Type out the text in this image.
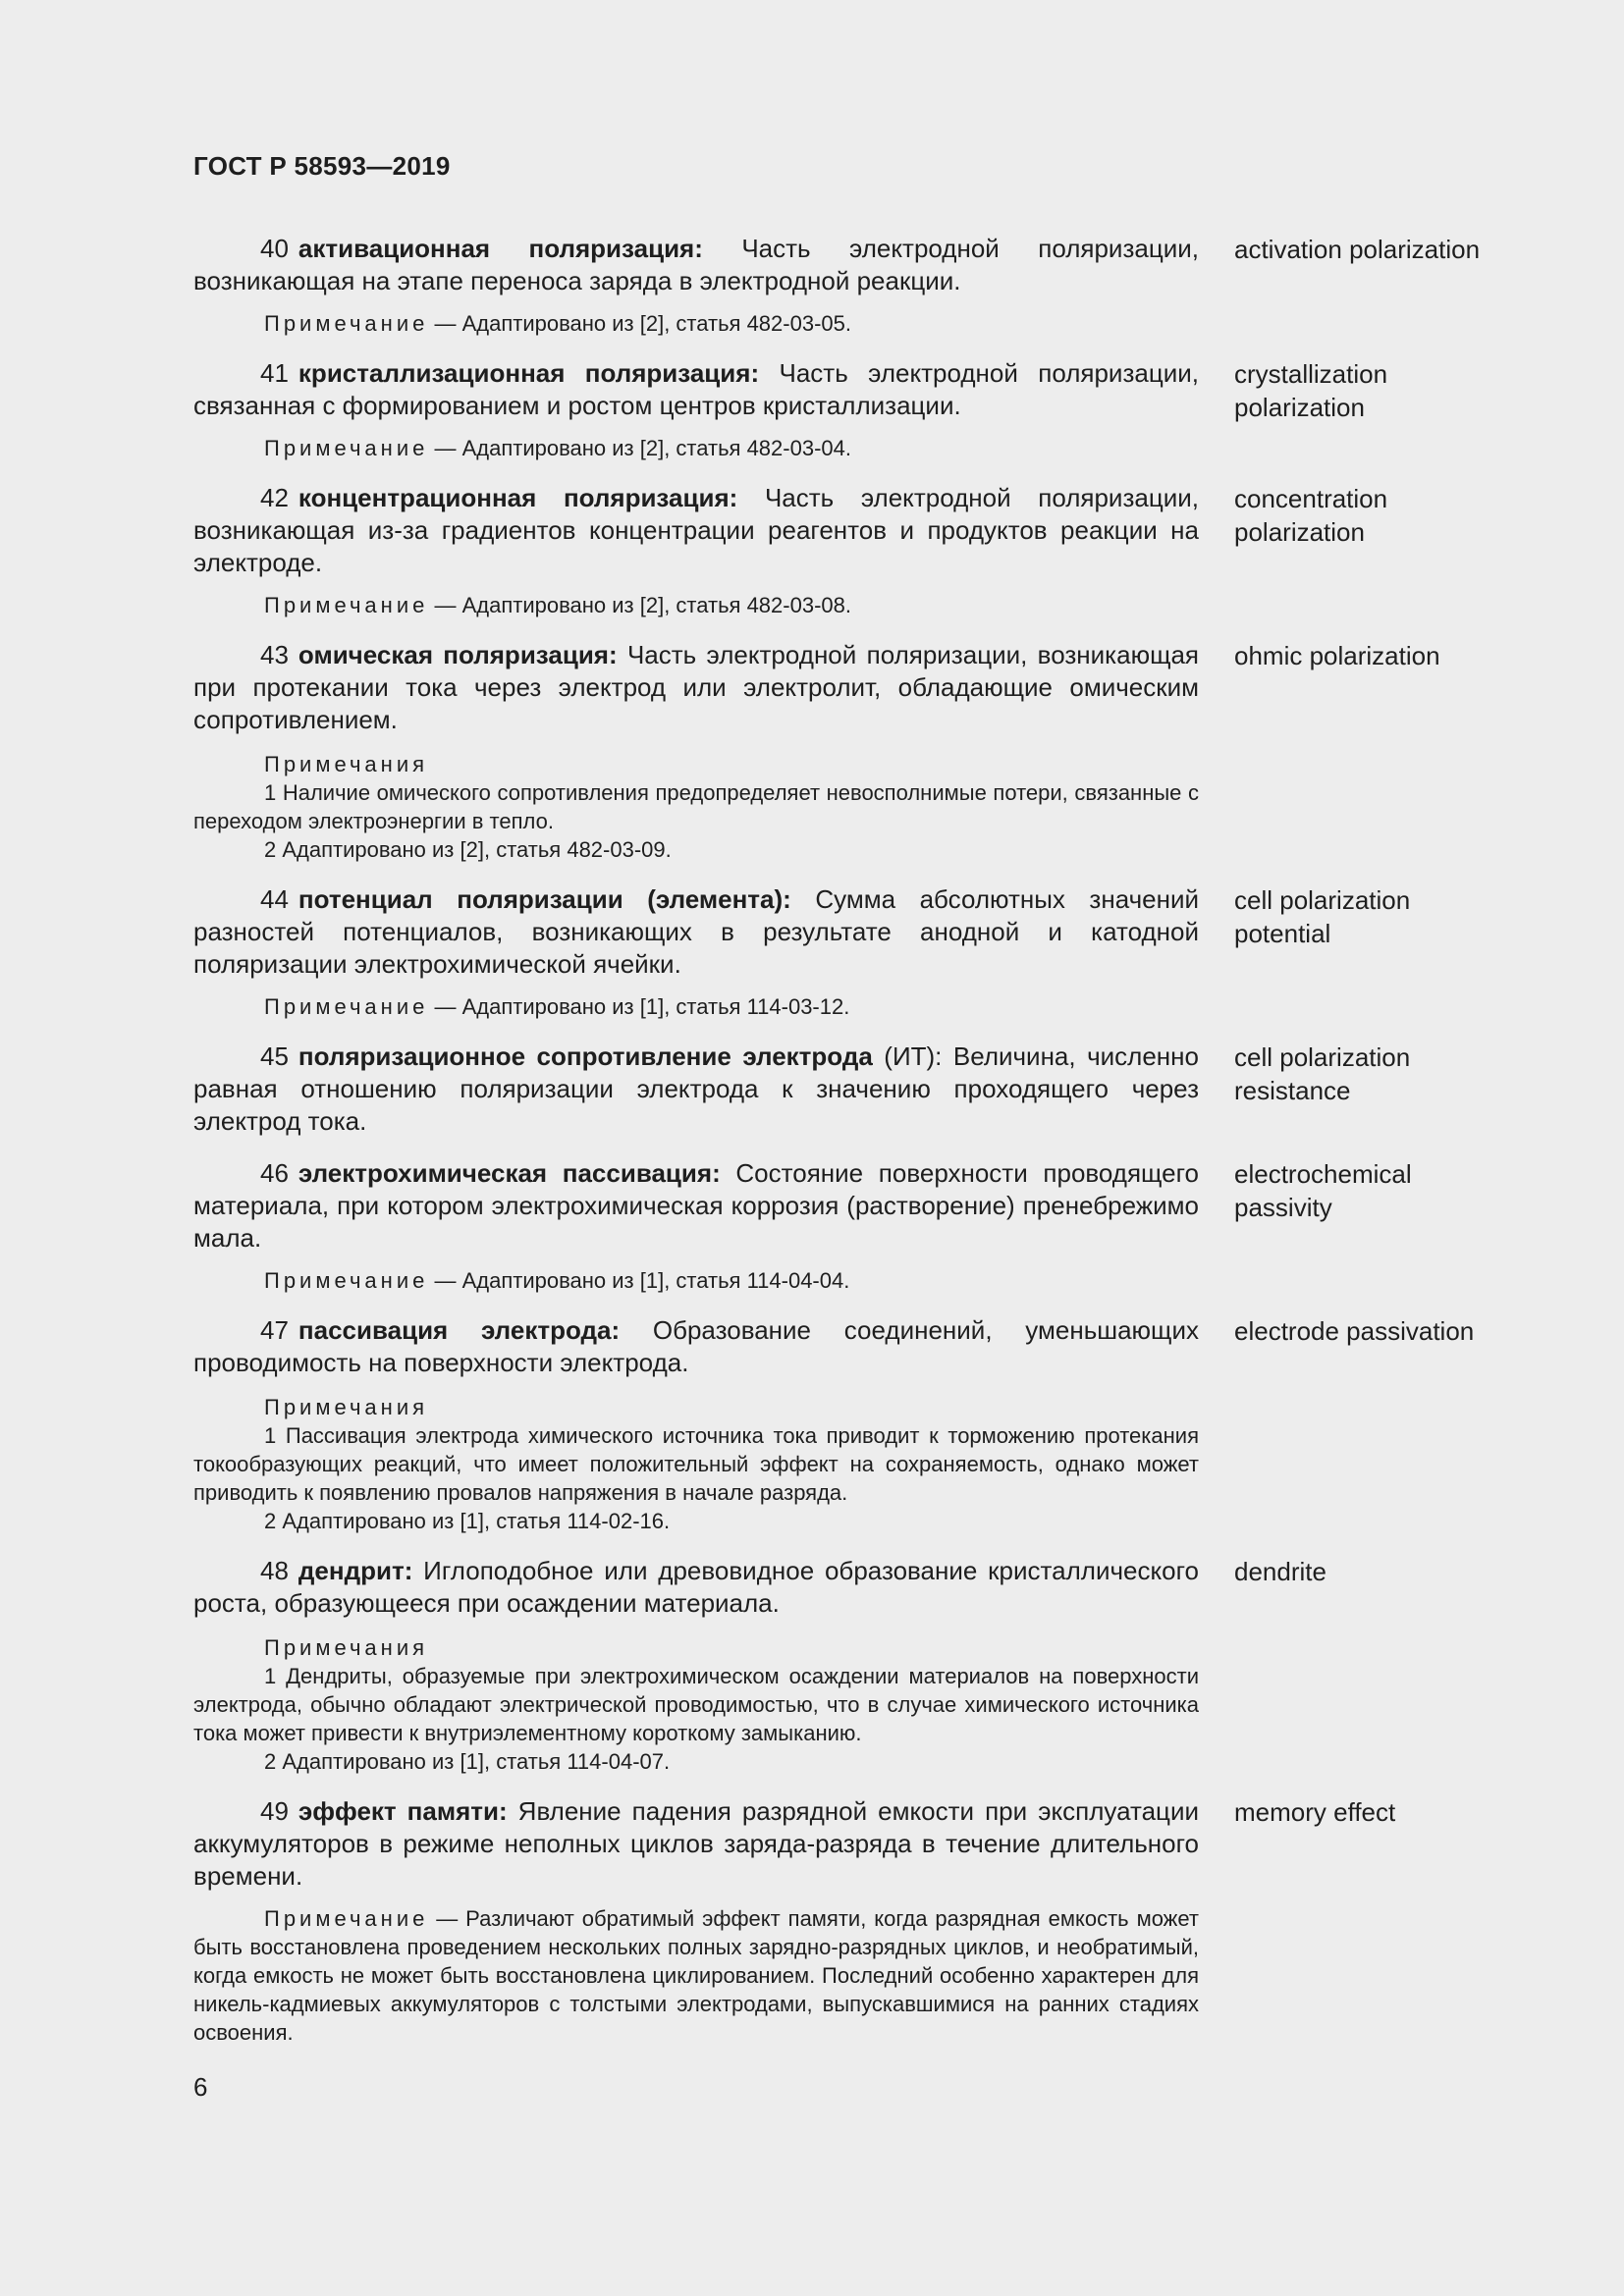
ГОСТ Р 58593—2019

40 активационная поляризация: Часть электродной поляризации, возникающая на этапе переноса заряда в электродной реакции.

Примечание — Адаптировано из [2], статья 482-03-05.

activation polarization

41 кристаллизационная поляризация: Часть электродной поляризации, связанная с формированием и ростом центров кристаллизации.

Примечание — Адаптировано из [2], статья 482-03-04.

crystallization polarization

42 концентрационная поляризация: Часть электродной поляризации, возникающая из-за градиентов концентрации реагентов и продуктов реакции на электроде.

Примечание — Адаптировано из [2], статья 482-03-08.

concentration polarization

43 омическая поляризация: Часть электродной поляризации, возникающая при протекании тока через электрод или электролит, обладающие омическим сопротивлением.

Примечания

1 Наличие омического сопротивления предопределяет невосполнимые потери, связанные с переходом электроэнергии в тепло.

2 Адаптировано из [2], статья 482-03-09.

ohmic polarization

44 потенциал поляризации (элемента): Сумма абсолютных значений разностей потенциалов, возникающих в результате анодной и катодной поляризации электрохимической ячейки.

Примечание — Адаптировано из [1], статья 114-03-12.

cell polarization potential

45 поляризационное сопротивление электрода (ИТ): Величина, численно равная отношению поляризации электрода к значению проходящего через электрод тока.

cell polarization resistance

46 электрохимическая пассивация: Состояние поверхности проводящего материала, при котором электрохимическая коррозия (растворение) пренебрежимо мала.

Примечание — Адаптировано из [1], статья 114-04-04.

electrochemical passivity

47 пассивация электрода: Образование соединений, уменьшающих проводимость на поверхности электрода.

Примечания

1 Пассивация электрода химического источника тока приводит к торможению протекания токообразующих реакций, что имеет положительный эффект на сохраняемость, однако может приводить к появлению провалов напряжения в начале разряда.

2 Адаптировано из [1], статья 114-02-16.

electrode passivation

48 дендрит: Иглоподобное или древовидное образование кристаллического роста, образующееся при осаждении материала.

Примечания

1 Дендриты, образуемые при электрохимическом осаждении материалов на поверхности электрода, обычно обладают электрической проводимостью, что в случае химического источника тока может привести к внутриэлементному короткому замыканию.

2 Адаптировано из [1], статья 114-04-07.

dendrite

49 эффект памяти: Явление падения разрядной емкости при эксплуатации аккумуляторов в режиме неполных циклов заряда-разряда в течение длительного времени.

Примечание — Различают обратимый эффект памяти, когда разрядная емкость может быть восстановлена проведением нескольких полных зарядно-разрядных циклов, и необратимый, когда емкость не может быть восстановлена циклированием. Последний особенно характерен для никель-кадмиевых аккумуляторов с толстыми электродами, выпускавшимися на ранних стадиях освоения.

memory effect
6
